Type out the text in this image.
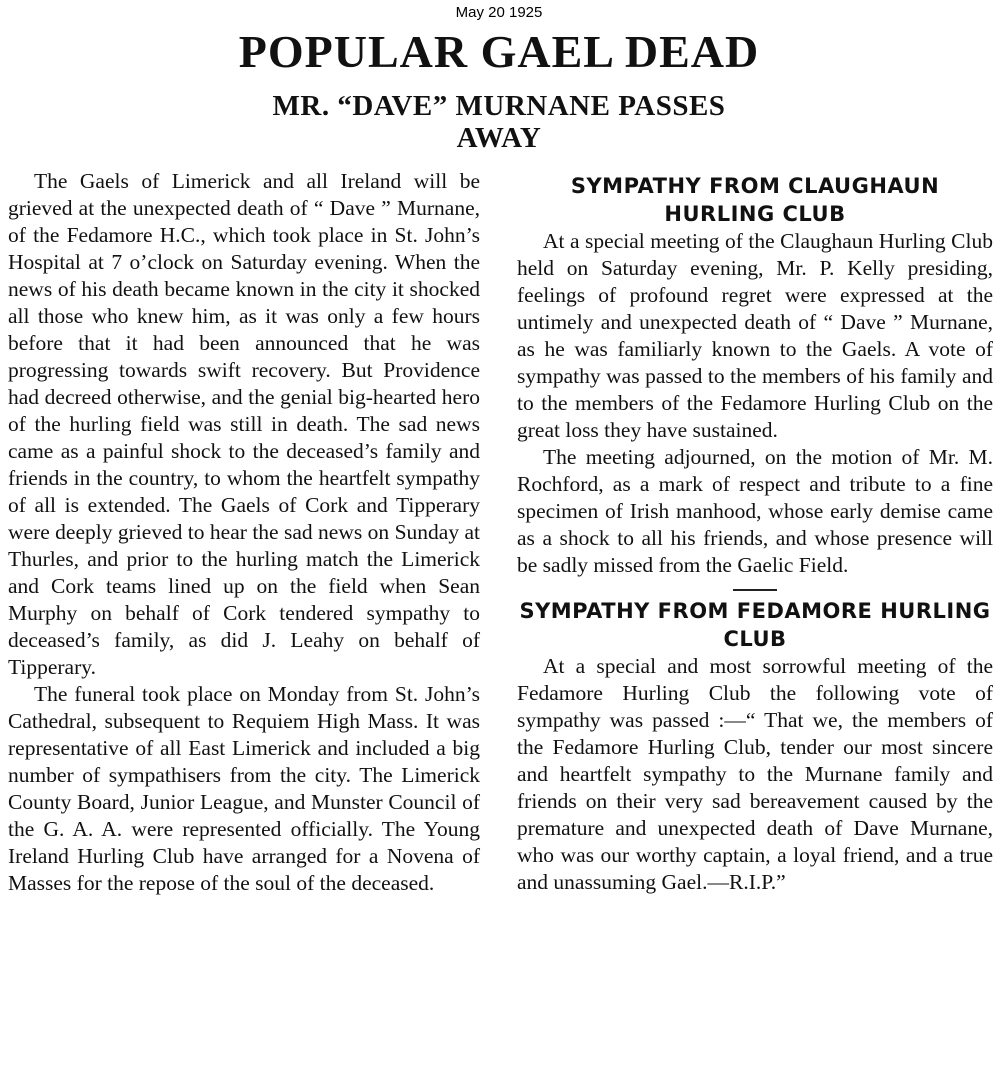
May 20 1925
POPULAR GAEL DEAD
MR. “DAVE” MURNANE PASSES AWAY

The Gaels of Limerick and all Ireland will be grieved at the unexpected death of “ Dave ” Murnane, of the Fedamore H.C., which took place in St. John’s Hospital at 7 o’clock on Saturday evening. When the news of his death became known in the city it shocked all those who knew him, as it was only a few hours before that it had been announced that he was progressing towards swift recovery. But Providence had decreed otherwise, and the genial big-hearted hero of the hurling field was still in death. The sad news came as a painful shock to the deceased’s family and friends in the country, to whom the heartfelt sympathy of all is extended. The Gaels of Cork and Tipperary were deeply grieved to hear the sad news on Sunday at Thurles, and prior to the hurling match the Limerick and Cork teams lined up on the field when Sean Murphy on behalf of Cork tendered sympathy to deceased’s family, as did J. Leahy on behalf of Tipperary.

The funeral took place on Monday from St. John’s Cathedral, subsequent to Requiem High Mass. It was representative of all East Limerick and included a big number of sympathisers from the city. The Limerick County Board, Junior League, and Munster Council of the G. A. A. were represented officially. The Young Ireland Hurling Club have arranged for a Novena of Masses for the repose of the soul of the deceased.

SYMPATHY FROM CLAUGHAUN HURLING CLUB

At a special meeting of the Claughaun Hurling Club held on Saturday evening, Mr. P. Kelly presiding, feelings of profound regret were expressed at the untimely and unexpected death of “ Dave ” Murnane, as he was familiarly known to the Gaels. A vote of sympathy was passed to the members of his family and to the members of the Fedamore Hurling Club on the great loss they have sustained.

The meeting adjourned, on the motion of Mr. M. Rochford, as a mark of respect and tribute to a fine specimen of Irish manhood, whose early demise came as a shock to all his friends, and whose presence will be sadly missed from the Gaelic Field.

SYMPATHY FROM FEDAMORE HURLING CLUB

At a special and most sorrowful meeting of the Fedamore Hurling Club the following vote of sympathy was passed :—“ That we, the members of the Fedamore Hurling Club, tender our most sincere and heartfelt sympathy to the Murnane family and friends on their very sad bereavement caused by the premature and unexpected death of Dave Murnane, who was our worthy captain, a loyal friend, and a true and unassuming Gael.—R.I.P.”
